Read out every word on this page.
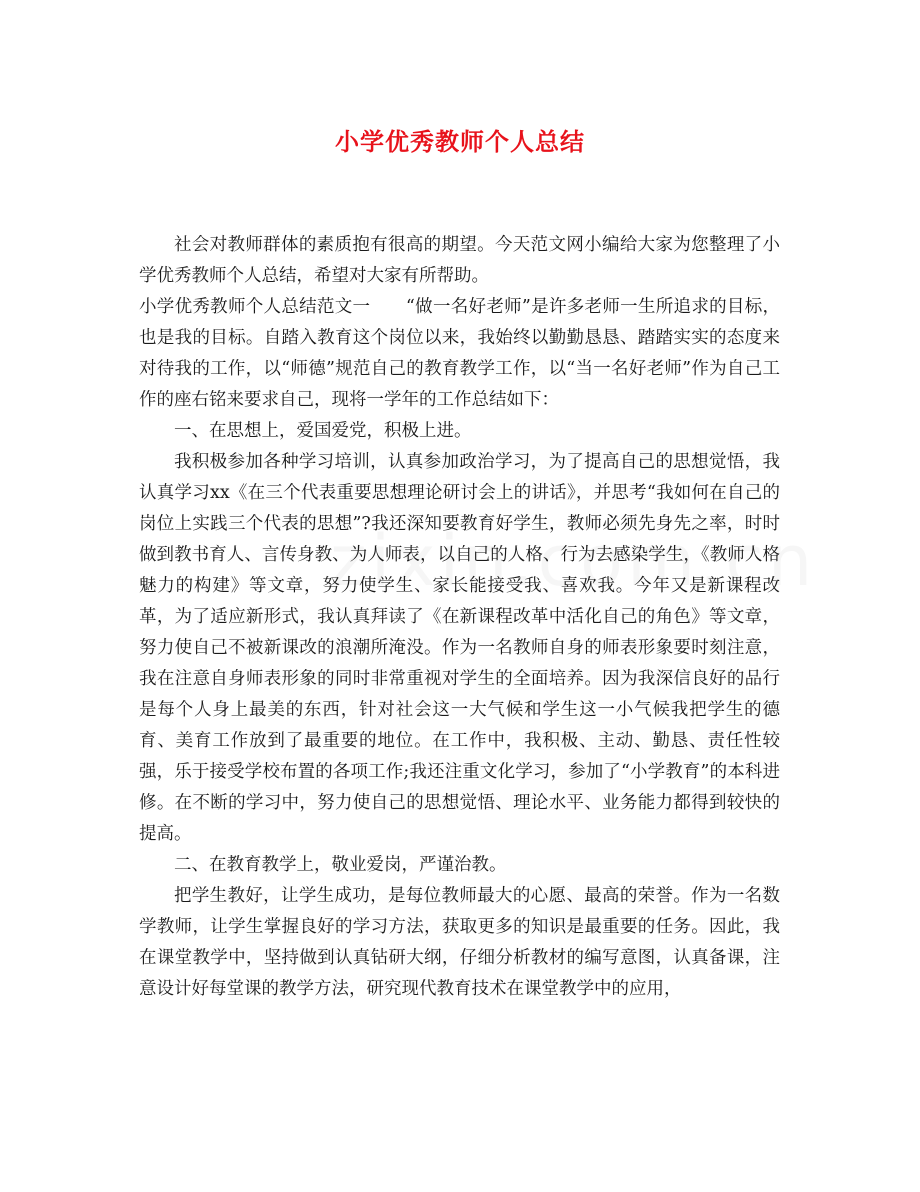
小学优秀教师个人总结

社会对教师群体的素质抱有很高的期望。今天范文网小编给大家为您整理了小学优秀教师个人总结，希望对大家有所帮助。

小学优秀教师个人总结范文一　　“做一名好老师”是许多老师一生所追求的目标，也是我的目标。自踏入教育这个岗位以来，我始终以勤勤恳恳、踏踏实实的态度来对待我的工作，以“师德”规范自己的教育教学工作，以“当一名好老师”作为自己工作的座右铭来要求自己，现将一学年的工作总结如下：

一、在思想上，爱国爱党，积极上进。

我积极参加各种学习培训，认真参加政治学习，为了提高自己的思想觉悟，我认真学习xx《在三个代表重要思想理论研讨会上的讲话》，并思考“我如何在自己的岗位上实践三个代表的思想”?我还深知要教育好学生，教师必须先身先之率，时时做到教书育人、言传身教、为人师表，以自己的人格、行为去感染学生，《教师人格魅力的构建》等文章，努力使学生、家长能接受我、喜欢我。今年又是新课程改革，为了适应新形式，我认真拜读了《在新课程改革中活化自己的角色》等文章，努力使自己不被新课改的浪潮所淹没。作为一名教师自身的师表形象要时刻注意，我在注意自身师表形象的同时非常重视对学生的全面培养。因为我深信良好的品行是每个人身上最美的东西，针对社会这一大气候和学生这一小气候我把学生的德育、美育工作放到了最重要的地位。在工作中，我积极、主动、勤恳、责任性较强，乐于接受学校布置的各项工作;我还注重文化学习，参加了“小学教育”的本科进修。在不断的学习中，努力使自己的思想觉悟、理论水平、业务能力都得到较快的提高。

二、在教育教学上，敬业爱岗，严谨治教。

把学生教好，让学生成功，是每位教师最大的心愿、最高的荣誉。作为一名数学教师，让学生掌握良好的学习方法，获取更多的知识是最重要的任务。因此，我在课堂教学中，坚持做到认真钻研大纲，仔细分析教材的编写意图，认真备课，注意设计好每堂课的教学方法，研究现代教育技术在课堂教学中的应用，
